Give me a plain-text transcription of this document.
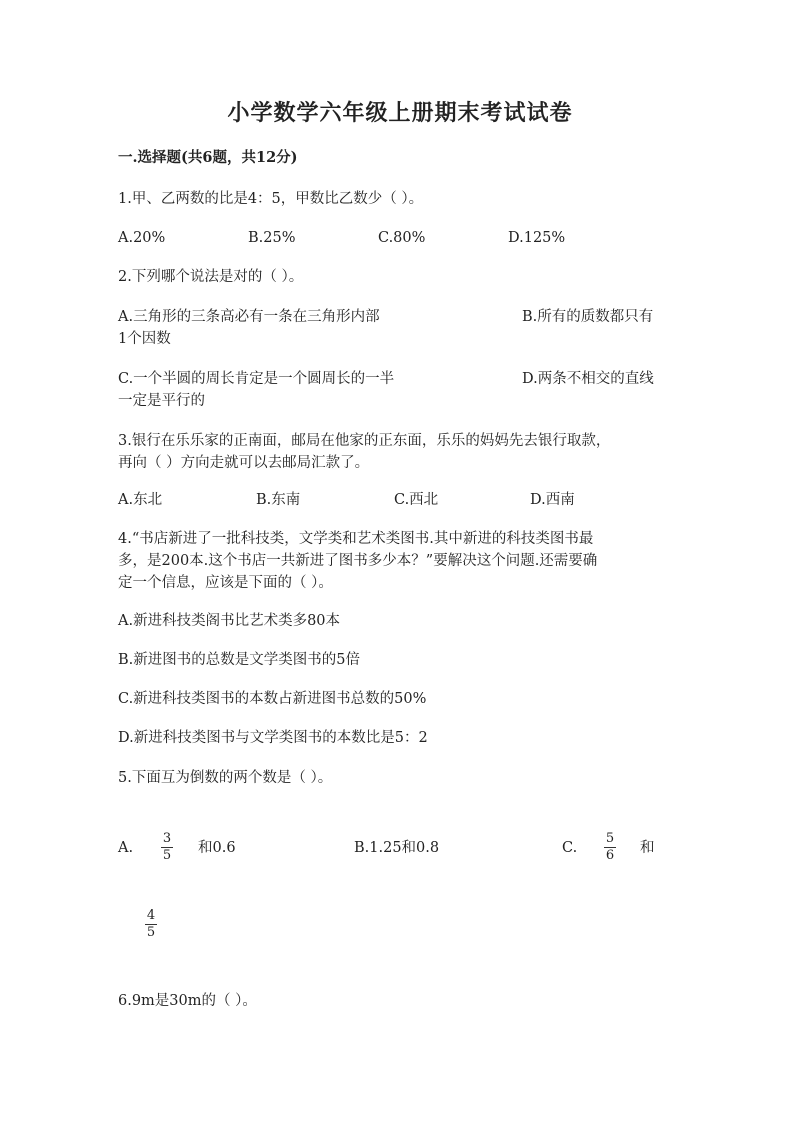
小学数学六年级上册期末考试试卷
一.选择题(共6题，共12分)
1.甲、乙两数的比是4：5，甲数比乙数少（ ）。
A.20%	B.25%	C.80%	D.125%
2.下列哪个说法是对的（ ）。
A.三角形的三条高必有一条在三角形内部	B.所有的质数都只有
1个因数
C.一个半圆的周长肯定是一个圆周长的一半	D.两条不相交的直线
一定是平行的
3.银行在乐乐家的正南面，邮局在他家的正东面，乐乐的妈妈先去银行取款，
再向（ ）方向走就可以去邮局汇款了。
A.东北	B.东南	C.西北	D.西南
4.“书店新进了一批科技类，文学类和艺术类图书.其中新进的科技类图书最
多，是200本.这个书店一共新进了图书多少本？”要解决这个问题.还需要确
定一个信息，应该是下面的（ ）。
A.新进科技类阁书比艺术类多80本
B.新进图书的总数是文学类图书的5倍
C.新进科技类图书的本数占新进图书总数的50%
D.新进科技类图书与文学类图书的本数比是5：2
5.下面互为倒数的两个数是（ ）。
A.
3
5 和0.6	B.1.25和0.8	C.
5
6 和
4
5
6.9m是30m的（ ）。
